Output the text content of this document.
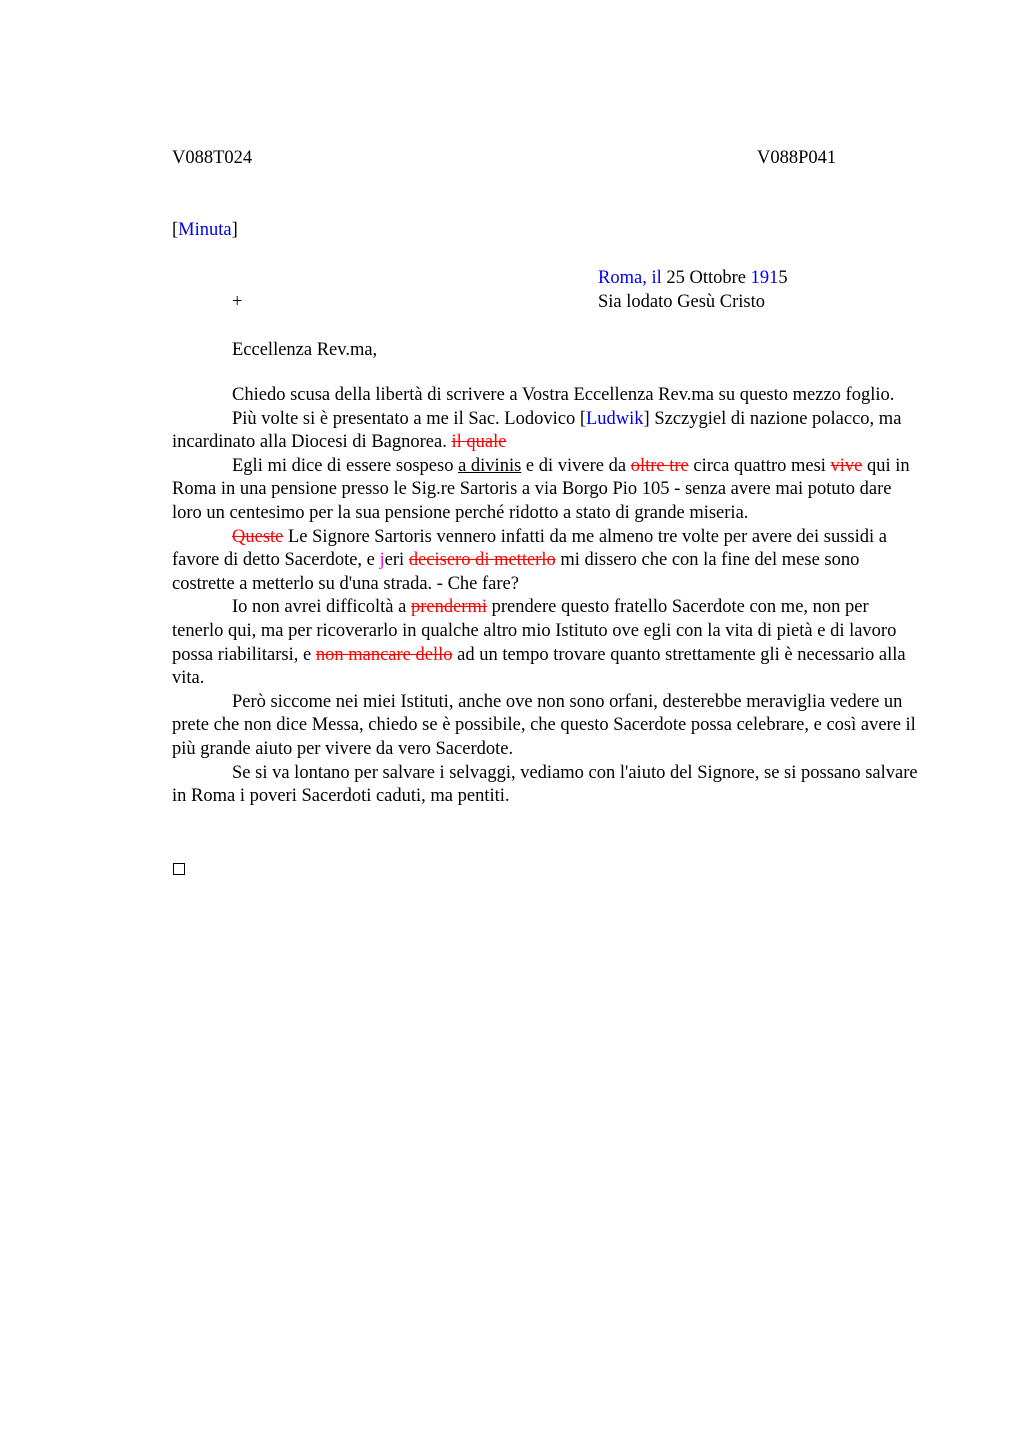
V088T024	V088P041
[Minuta]
Roma, il 25 Ottobre 1915
+	Sia lodato Gesù Cristo
Eccellenza Rev.ma,

Chiedo scusa della libertà di scrivere a Vostra Eccellenza Rev.ma su questo mezzo foglio.

Più volte si è presentato a me il Sac. Lodovico [Ludwik] Szczygiel di nazione polacco, ma incardinato alla Diocesi di Bagnorea. il quale

Egli mi dice di essere sospeso a divinis e di vivere da oltre tre circa quattro mesi vive qui in Roma in una pensione presso le Sig.re Sartoris a via Borgo Pio 105 - senza avere mai potuto dare loro un centesimo per la sua pensione perché ridotto a stato di grande miseria.

Queste Le Signore Sartoris vennero infatti da me almeno tre volte per avere dei sussidi a favore di detto Sacerdote, e jeri decisero di metterlo mi dissero che con la fine del mese sono costrette a metterlo su d'una strada. - Che fare?

Io non avrei difficoltà a prendermi prendere questo fratello Sacerdote con me, non per tenerlo qui, ma per ricoverarlo in qualche altro mio Istituto ove egli con la vita di pietà e di lavoro possa riabilitarsi, e non mancare dello ad un tempo trovare quanto strettamente gli è necessario alla vita.

Però siccome nei miei Istituti, anche ove non sono orfani, desterebbe meraviglia vedere un prete che non dice Messa, chiedo se è possibile, che questo Sacerdote possa celebrare, e così avere il più grande aiuto per vivere da vero Sacerdote.

Se si va lontano per salvare i selvaggi, vediamo con l'aiuto del Signore, se si possano salvare in Roma i poveri Sacerdoti caduti, ma pentiti.
